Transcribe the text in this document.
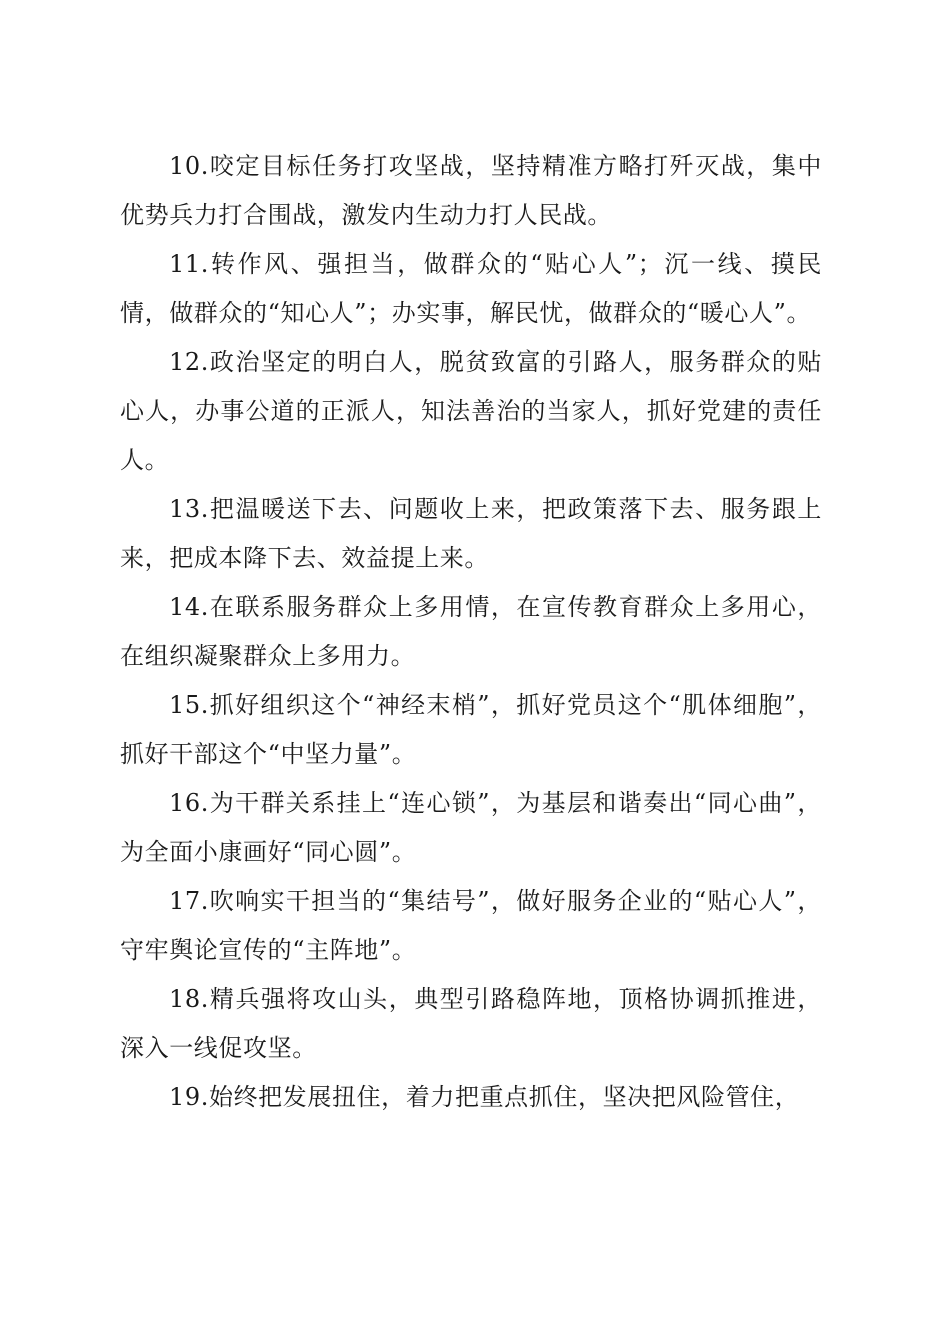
10.咬定目标任务打攻坚战，坚持精准方略打歼灭战，集中优势兵力打合围战，激发内生动力打人民战。

11.转作风、强担当，做群众的“贴心人”；沉一线、摸民情，做群众的“知心人”；办实事，解民忧，做群众的“暖心人”。

12.政治坚定的明白人，脱贫致富的引路人，服务群众的贴心人，办事公道的正派人，知法善治的当家人，抓好党建的责任人。

13.把温暖送下去、问题收上来，把政策落下去、服务跟上来，把成本降下去、效益提上来。

14.在联系服务群众上多用情，在宣传教育群众上多用心，在组织凝聚群众上多用力。

15.抓好组织这个“神经末梢”，抓好党员这个“肌体细胞”，抓好干部这个“中坚力量”。

16.为干群关系挂上“连心锁”，为基层和谐奏出“同心曲”，为全面小康画好“同心圆”。

17.吹响实干担当的“集结号”，做好服务企业的“贴心人”，守牢舆论宣传的“主阵地”。

18.精兵强将攻山头，典型引路稳阵地，顶格协调抓推进，深入一线促攻坚。

19.始终把发展扭住，着力把重点抓住，坚决把风险管住，
